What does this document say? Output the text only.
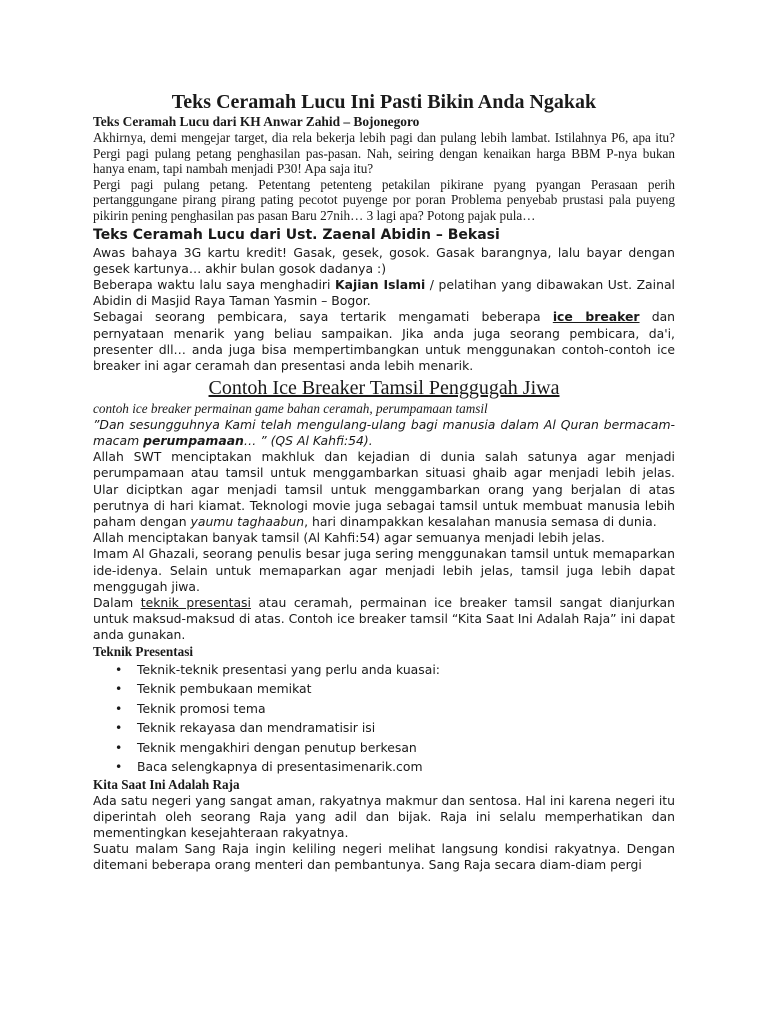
Teks Ceramah Lucu Ini Pasti Bikin Anda Ngakak
Teks Ceramah Lucu dari KH Anwar Zahid – Bojonegoro

Akhirnya, demi mengejar target, dia rela bekerja lebih pagi dan pulang lebih lambat. Istilahnya P6, apa itu? Pergi pagi pulang petang penghasilan pas-pasan. Nah, seiring dengan kenaikan harga BBM P-nya bukan hanya enam, tapi nambah menjadi P30! Apa saja itu?

Pergi pagi pulang petang. Petentang petenteng petakilan pikirane pyang pyangan Perasaan perih pertanggungane pirang pirang pating pecotot puyenge por poran Problema penyebab prustasi pala puyeng pikirin pening penghasilan pas pasan Baru 27nih… 3 lagi apa? Potong pajak pula…

Teks Ceramah Lucu dari Ust. Zaenal Abidin – Bekasi

Awas bahaya 3G kartu kredit! Gasak, gesek, gosok. Gasak barangnya, lalu bayar dengan gesek kartunya… akhir bulan gosok dadanya :)

Beberapa waktu lalu saya menghadiri Kajian Islami / pelatihan yang dibawakan Ust. Zainal Abidin di Masjid Raya Taman Yasmin – Bogor.

Sebagai seorang pembicara, saya tertarik mengamati beberapa ice breaker dan pernyataan menarik yang beliau sampaikan. Jika anda juga seorang pembicara, da'i, presenter dll… anda juga bisa mempertimbangkan untuk menggunakan contoh-contoh ice breaker ini agar ceramah dan presentasi anda lebih menarik.

Contoh Ice Breaker Tamsil Penggugah Jiwa

contoh ice breaker permainan game bahan ceramah, perumpamaan tamsil

”Dan sesungguhnya Kami telah mengulang-ulang bagi manusia dalam Al Quran bermacam-macam perumpamaan… ” (QS Al Kahfi:54).

Allah SWT menciptakan makhluk dan kejadian di dunia salah satunya agar menjadi perumpamaan atau tamsil untuk menggambarkan situasi ghaib agar menjadi lebih jelas. Ular diciptkan agar menjadi tamsil untuk menggambarkan orang yang berjalan di atas perutnya di hari kiamat. Teknologi movie juga sebagai tamsil untuk membuat manusia lebih paham dengan yaumu taghaabun, hari dinampakkan kesalahan manusia semasa di dunia.

Allah menciptakan banyak tamsil (Al Kahfi:54) agar semuanya menjadi lebih jelas.

Imam Al Ghazali, seorang penulis besar juga sering menggunakan tamsil untuk memaparkan ide-idenya. Selain untuk memaparkan agar menjadi lebih jelas, tamsil juga lebih dapat menggugah jiwa.

Dalam teknik presentasi atau ceramah, permainan ice breaker tamsil sangat dianjurkan untuk maksud-maksud di atas. Contoh ice breaker tamsil “Kita Saat Ini Adalah Raja” ini dapat anda gunakan.

Teknik Presentasi
• Teknik-teknik presentasi yang perlu anda kuasai:
• Teknik pembukaan memikat
• Teknik promosi tema
• Teknik rekayasa dan mendramatisir isi
• Teknik mengakhiri dengan penutup berkesan
• Baca selengkapnya di presentasimenarik.com
Kita Saat Ini Adalah Raja

Ada satu negeri yang sangat aman, rakyatnya makmur dan sentosa. Hal ini karena negeri itu diperintah oleh seorang Raja yang adil dan bijak. Raja ini selalu memperhatikan dan mementingkan kesejahteraan rakyatnya.

Suatu malam Sang Raja ingin keliling negeri melihat langsung kondisi rakyatnya. Dengan ditemani beberapa orang menteri dan pembantunya. Sang Raja secara diam-diam pergi
